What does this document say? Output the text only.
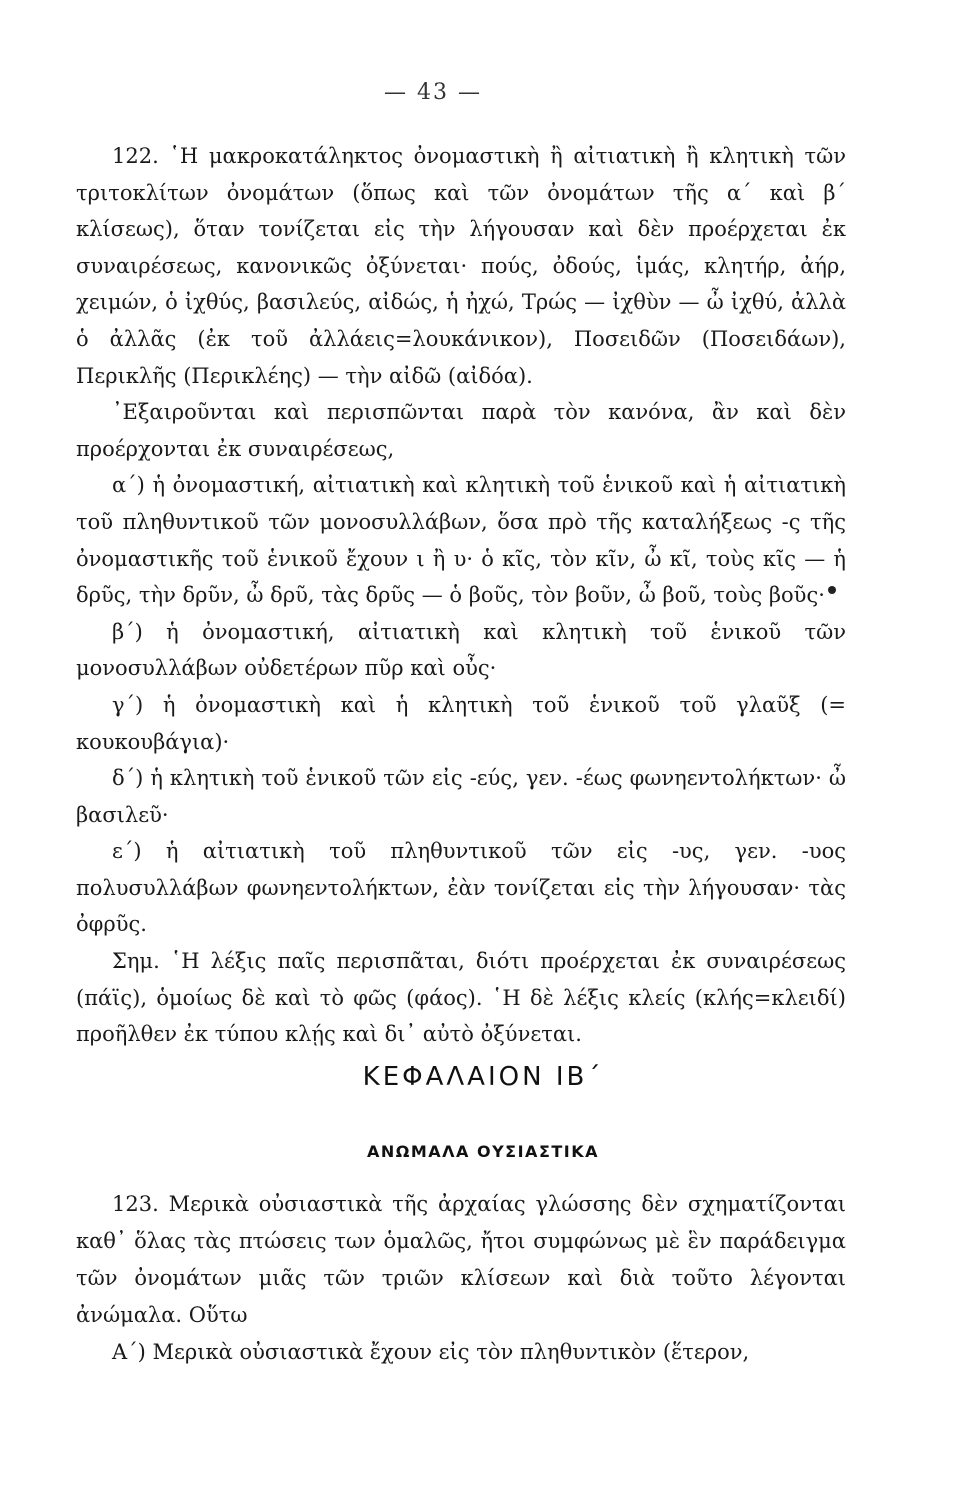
— 43 —

122. ῾Η μακροκατάληκτος ὀνομαστικὴ ἢ αἰτιατικὴ ἢ κλητικὴ τῶν τριτοκλίτων ὀνομάτων (ὅπως καὶ τῶν ὀνομάτων τῆς α΄ καὶ β΄ κλίσεως), ὅταν τονίζεται εἰς τὴν λήγουσαν καὶ δὲν προέρχεται ἐκ συναιρέσεως, κανονικῶς ὀξύνεται· πούς, ὀδούς, ἱμάς, κλητήρ, ἀήρ, χειμών, ὁ ἰχθύς, βασιλεύς, αἰδώς, ἡ ἠχώ, Τρώς — ἰχθὺν — ὦ ἰχθύ, ἀλλὰ ὁ ἀλλᾶς (ἐκ τοῦ ἀλλάεις=λουκάνικον), Ποσειδῶν (Ποσειδάων), Περικλῆς (Περικλέης) — τὴν αἰδῶ (αἰδόα).

᾿Εξαιροῦνται καὶ περισπῶνται παρὰ τὸν κανόνα, ἂν καὶ δὲν προέρχονται ἐκ συναιρέσεως,

α΄) ἡ ὀνομαστική, αἰτιατικὴ καὶ κλητικὴ τοῦ ἑνικοῦ καὶ ἡ αἰτιατικὴ τοῦ πληθυντικοῦ τῶν μονοσυλλάβων, ὅσα πρὸ τῆς καταλήξεως -ς τῆς ὀνομαστικῆς τοῦ ἑνικοῦ ἔχουν ι ἢ υ· ὁ κῖς, τὸν κῖν, ὦ κῖ, τοὺς κῖς — ἡ δρῦς, τὴν δρῦν, ὦ δρῦ, τὰς δρῦς — ὁ βοῦς, τὸν βοῦν, ὦ βοῦ, τοὺς βοῦς·

β΄) ἡ ὀνομαστική, αἰτιατικὴ καὶ κλητικὴ τοῦ ἑνικοῦ τῶν μονοσυλλάβων οὐδετέρων πῦρ καὶ οὖς·

γ΄) ἡ ὀνομαστικὴ καὶ ἡ κλητικὴ τοῦ ἑνικοῦ τοῦ γλαῦξ (= κουκουβάγια)·

δ΄) ἡ κλητικὴ τοῦ ἑνικοῦ τῶν εἰς -εύς, γεν. -έως φωνηεντολήκτων· ὦ βασιλεῦ·

ε΄) ἡ αἰτιατικὴ τοῦ πληθυντικοῦ τῶν εἰς -υς, γεν. -υος πολυσυλλάβων φωνηεντολήκτων, ἐὰν τονίζεται εἰς τὴν λήγουσαν· τὰς ὀφρῦς.

Σημ. ῾Η λέξις παῖς περισπᾶται, διότι προέρχεται ἐκ συναιρέσεως (πάϊς), ὁμοίως δὲ καὶ τὸ φῶς (φάος). ῾Η δὲ λέξις κλείς (κλής=κλειδί) προῆλθεν ἐκ τύπου κλῄς καὶ δι᾿ αὐτὸ ὀξύνεται.

ΚΕΦΑΛΑΙΟΝ ΙΒ΄
ΑΝΩΜΑΛΑ ΟΥΣΙΑΣΤΙΚΑ

123. Μερικὰ οὐσιαστικὰ τῆς ἀρχαίας γλώσσης δὲν σχηματίζονται καθ᾿ ὅλας τὰς πτώσεις των ὁμαλῶς, ἤτοι συμφώνως μὲ ἓν παράδειγμα τῶν ὀνομάτων μιᾶς τῶν τριῶν κλίσεων καὶ διὰ τοῦτο λέγονται ἀνώμαλα. Οὕτω

Α΄) Μερικὰ οὐσιαστικὰ ἔχουν εἰς τὸν πληθυντικὸν (ἕτερον,
